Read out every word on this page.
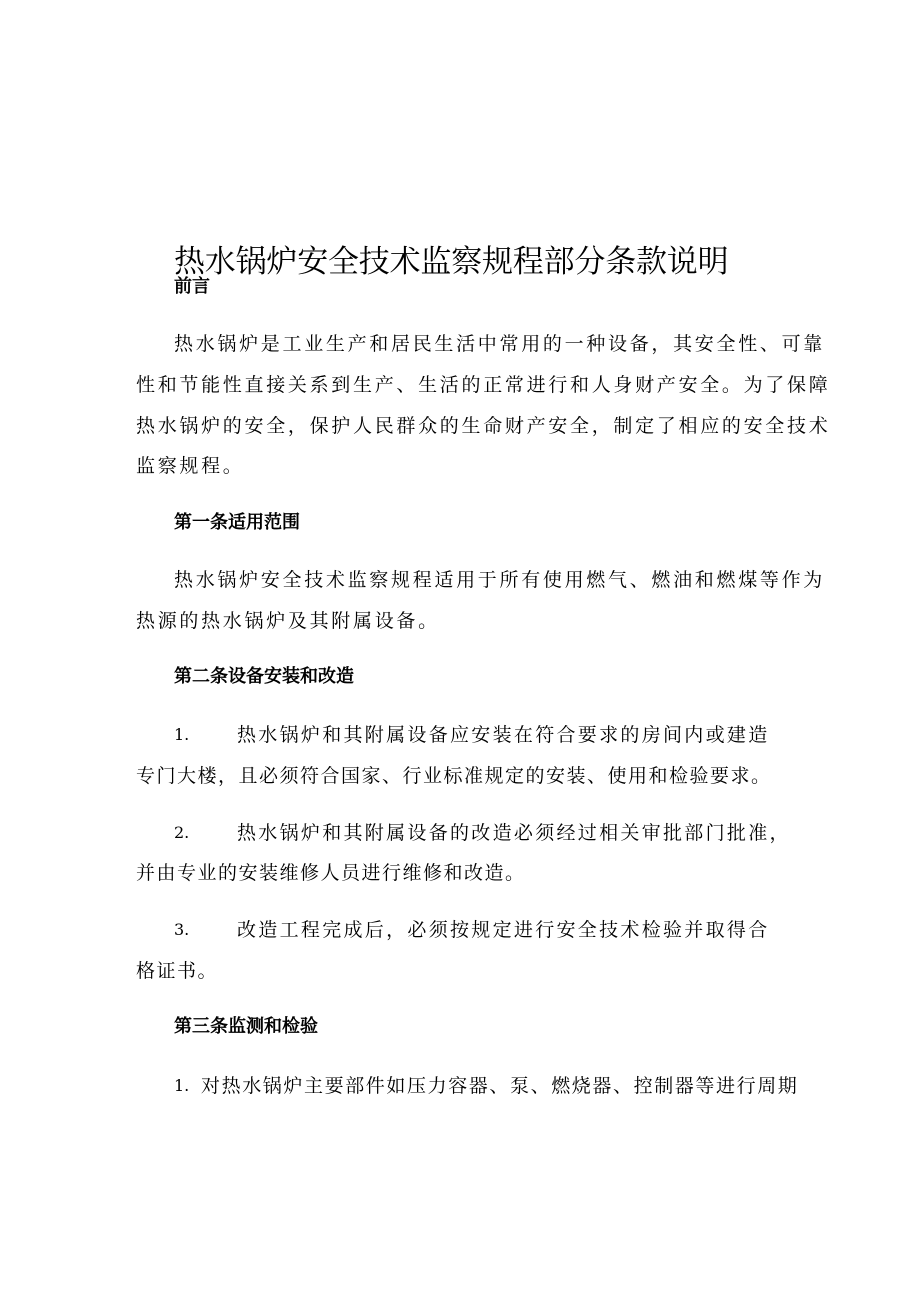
热水锅炉安全技术监察规程部分条款说明
前言
热水锅炉是工业生产和居民生活中常用的一种设备，其安全性、可靠
性和节能性直接关系到生产、生活的正常进行和人身财产安全。为了保障
热水锅炉的安全，保护人民群众的生命财产安全，制定了相应的安全技术
监察规程。
第一条适用范围
热水锅炉安全技术监察规程适用于所有使用燃气、燃油和燃煤等作为
热源的热水锅炉及其附属设备。
第二条设备安装和改造
1.	热水锅炉和其附属设备应安装在符合要求的房间内或建造
专门大楼，且必须符合国家、行业标准规定的安装、使用和检验要求。
2.	热水锅炉和其附属设备的改造必须经过相关审批部门批准，
并由专业的安装维修人员进行维修和改造。
3.	改造工程完成后，必须按规定进行安全技术检验并取得合
格证书。
第三条监测和检验
1. 对热水锅炉主要部件如压力容器、泵、燃烧器、控制器等进行周期
